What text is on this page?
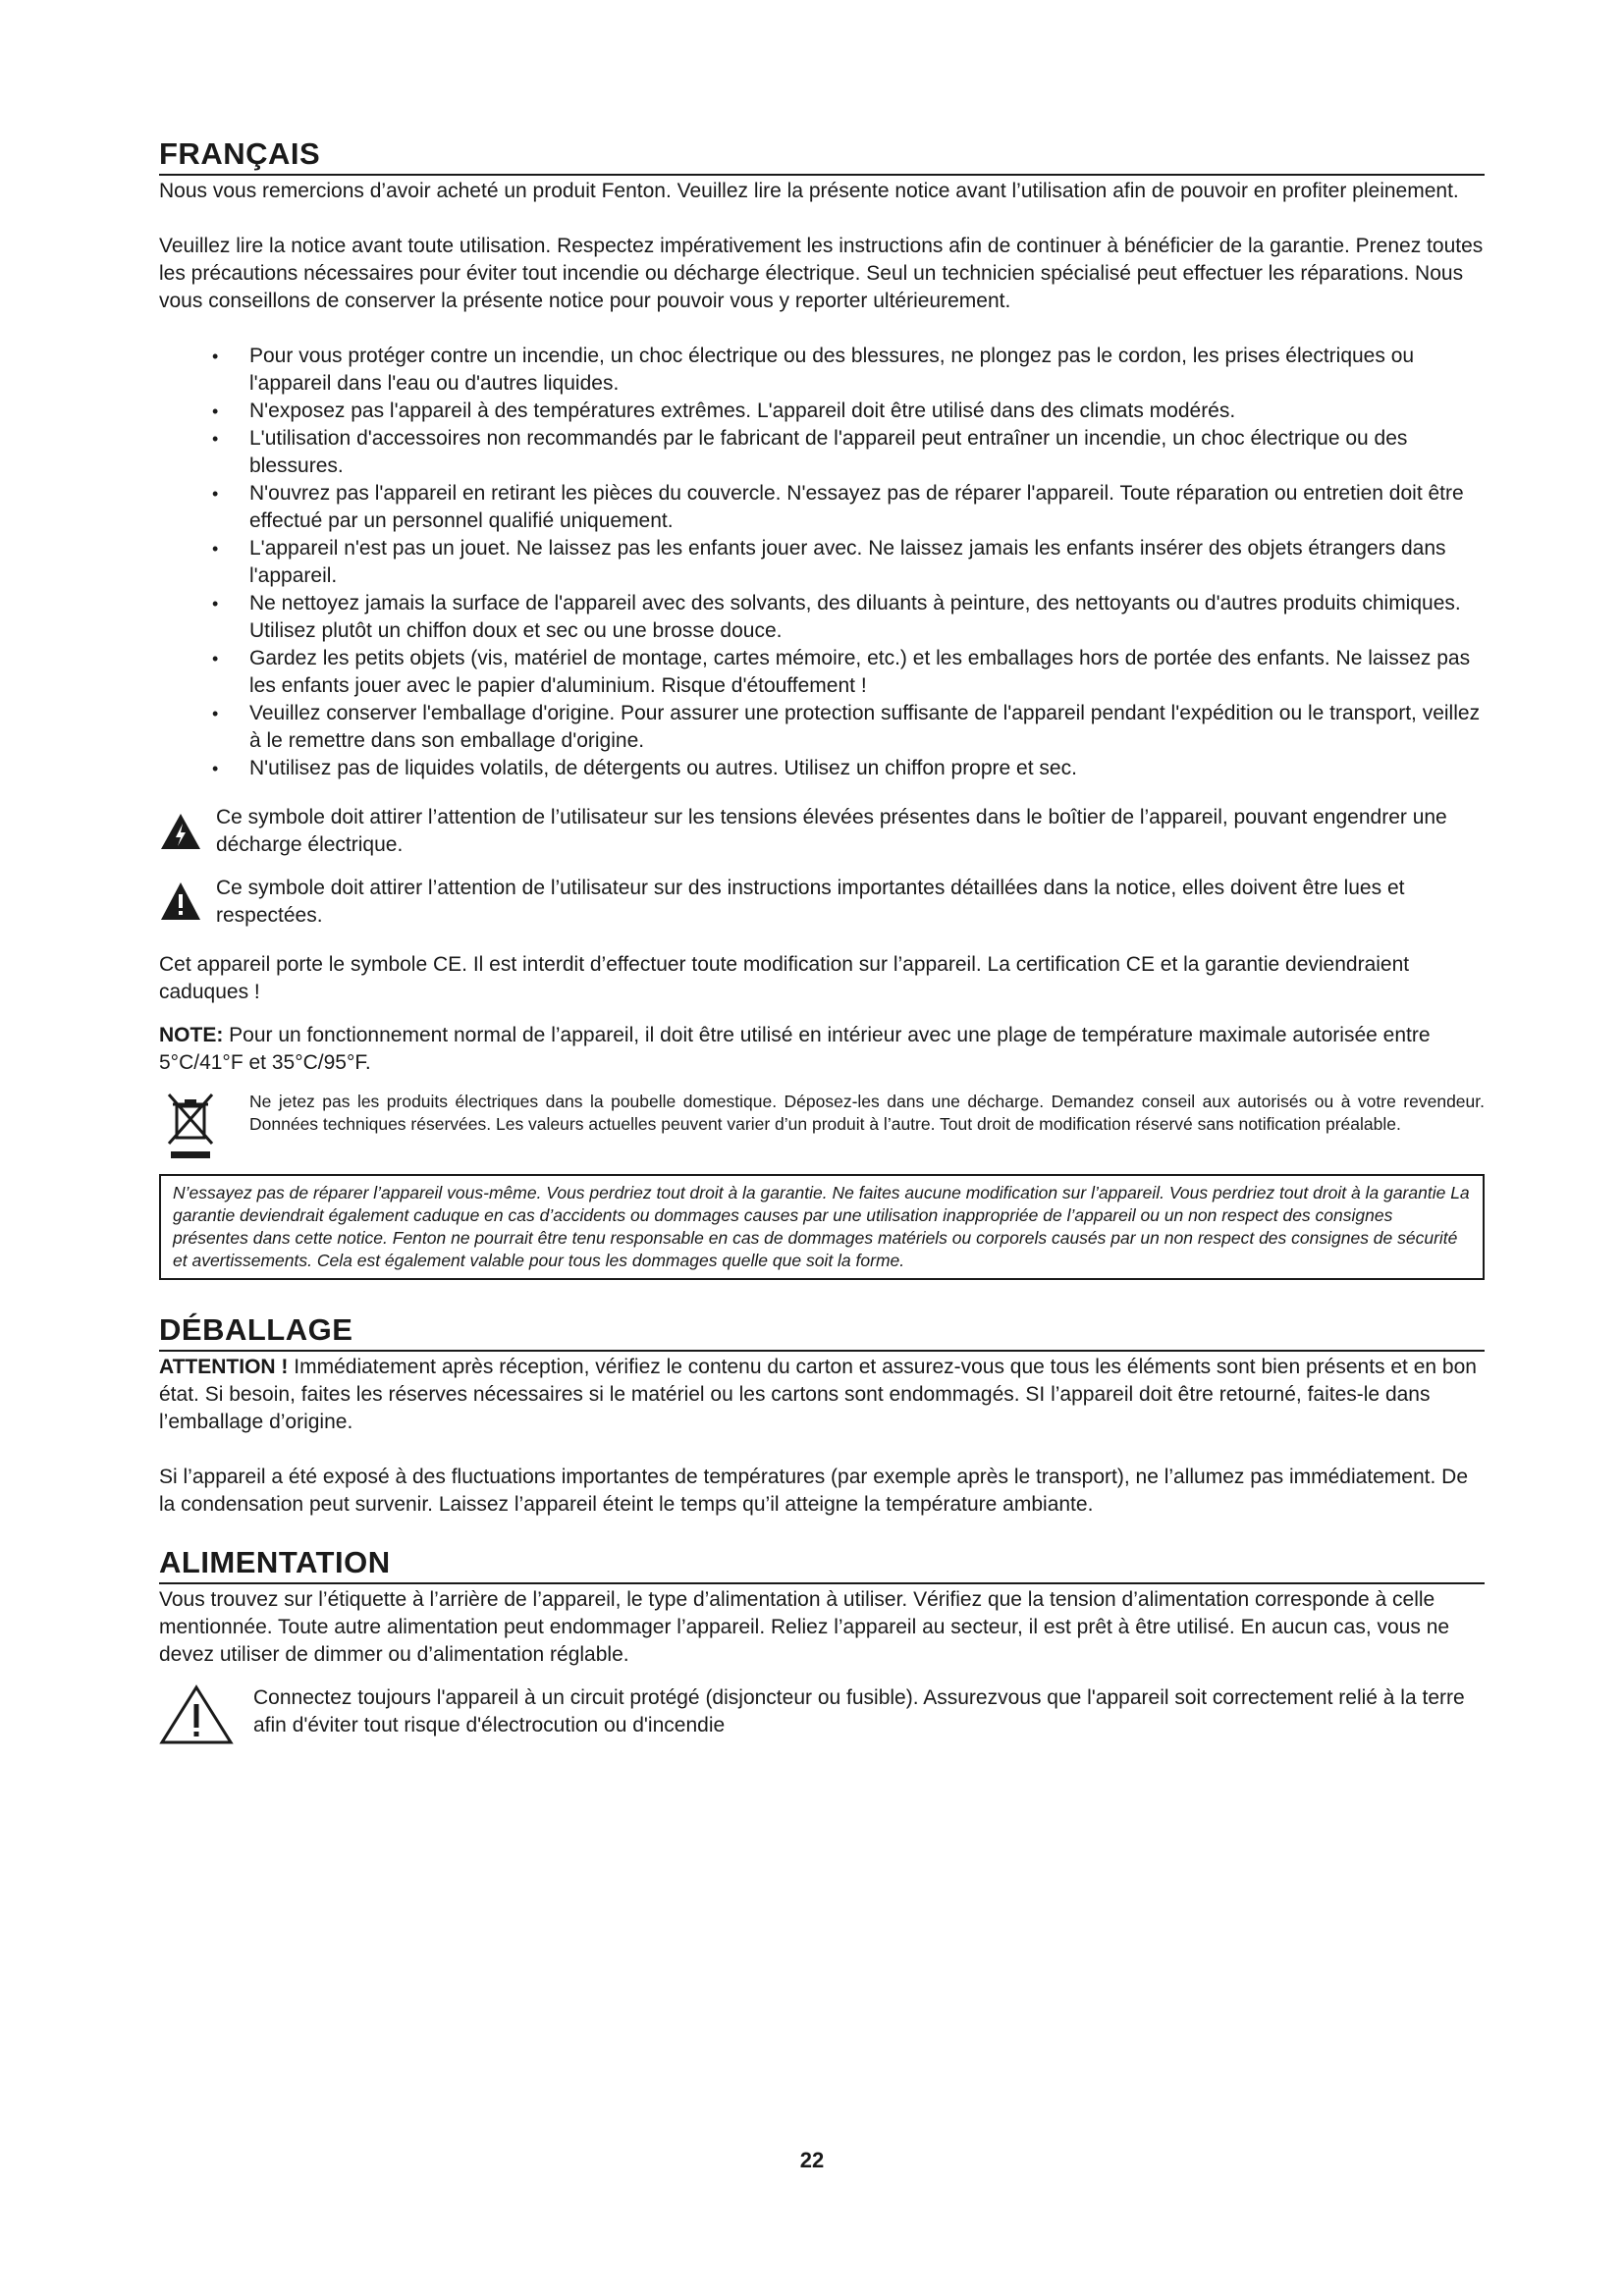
FRANÇAIS

Nous vous remercions d’avoir acheté un produit Fenton. Veuillez lire la présente notice avant l’utilisation afin de pouvoir en profiter pleinement.

Veuillez lire la notice avant toute utilisation. Respectez impérativement les instructions afin de continuer à bénéficier de la garantie. Prenez toutes les précautions nécessaires pour éviter tout incendie ou décharge électrique. Seul un technicien spécialisé peut effectuer les réparations. Nous vous conseillons de conserver la présente notice pour pouvoir vous y reporter ultérieurement.

• Pour vous protéger contre un incendie, un choc électrique ou des blessures, ne plongez pas le cordon, les prises électriques ou l'appareil dans l'eau ou d'autres liquides.
• N'exposez pas l'appareil à des températures extrêmes. L'appareil doit être utilisé dans des climats modérés.
• L'utilisation d'accessoires non recommandés par le fabricant de l'appareil peut entraîner un incendie, un choc électrique ou des blessures.
• N'ouvrez pas l'appareil en retirant les pièces du couvercle. N'essayez pas de réparer l'appareil. Toute réparation ou entretien doit être effectué par un personnel qualifié uniquement.
• L'appareil n'est pas un jouet. Ne laissez pas les enfants jouer avec. Ne laissez jamais les enfants insérer des objets étrangers dans l'appareil.
• Ne nettoyez jamais la surface de l'appareil avec des solvants, des diluants à peinture, des nettoyants ou d'autres produits chimiques. Utilisez plutôt un chiffon doux et sec ou une brosse douce.
• Gardez les petits objets (vis, matériel de montage, cartes mémoire, etc.) et les emballages hors de portée des enfants. Ne laissez pas les enfants jouer avec le papier d'aluminium. Risque d'étouffement !
• Veuillez conserver l'emballage d'origine. Pour assurer une protection suffisante de l'appareil pendant l'expédition ou le transport, veillez à le remettre dans son emballage d'origine.
• N'utilisez pas de liquides volatils, de détergents ou autres. Utilisez un chiffon propre et sec.

Ce symbole doit attirer l’attention de l’utilisateur sur les tensions élevées présentes dans le boîtier de l’appareil, pouvant engendrer une décharge électrique.

Ce symbole doit attirer l’attention de l’utilisateur sur des instructions importantes détaillées dans la notice, elles doivent être lues et respectées.

Cet appareil porte le symbole CE. Il est interdit d’effectuer toute modification sur l’appareil. La certification CE et la garantie deviendraient caduques !

NOTE: Pour un fonctionnement normal de l’appareil, il doit être utilisé en intérieur avec une plage de température maximale autorisée entre 5°C/41°F et 35°C/95°F.

Ne jetez pas les produits électriques dans la poubelle domestique. Déposez-les dans une décharge. Demandez conseil aux autorisés ou à votre revendeur. Données techniques réservées. Les valeurs actuelles peuvent varier d’un produit à l’autre. Tout droit de modification réservé sans notification préalable.

N’essayez pas de réparer l’appareil vous-même. Vous perdriez tout droit à la garantie. Ne faites aucune modification sur l’appareil. Vous perdriez tout droit à la garantie La garantie deviendrait également caduque en cas d’accidents ou dommages causes par une utilisation inappropriée de l’appareil ou un non respect des consignes présentes dans cette notice. Fenton ne pourrait être tenu responsable en cas de dommages matériels ou corporels causés par un non respect des consignes de sécurité et avertissements. Cela est également valable pour tous les dommages quelle que soit la forme.

DÉBALLAGE

ATTENTION ! Immédiatement après réception, vérifiez le contenu du carton et assurez-vous que tous les éléments sont bien présents et en bon état. Si besoin, faites les réserves nécessaires si le matériel ou les cartons sont endommagés. SI l’appareil doit être retourné, faites-le dans l’emballage d’origine.

Si l’appareil a été exposé à des fluctuations importantes de températures (par exemple après le transport), ne l’allumez pas immédiatement. De la condensation peut survenir. Laissez l’appareil éteint le temps qu’il atteigne la température ambiante.

ALIMENTATION

Vous trouvez sur l’étiquette à l’arrière de l’appareil, le type d’alimentation à utiliser. Vérifiez que la tension d’alimentation corresponde à celle mentionnée. Toute autre alimentation peut endommager l’appareil. Reliez l’appareil au secteur, il est prêt à être utilisé. En aucun cas, vous ne devez utiliser de dimmer ou d’alimentation réglable.

Connectez toujours l'appareil à un circuit protégé (disjoncteur ou fusible). Assurezvous que l'appareil soit correctement relié à la terre afin d'éviter tout risque d'électrocution ou d'incendie

22
